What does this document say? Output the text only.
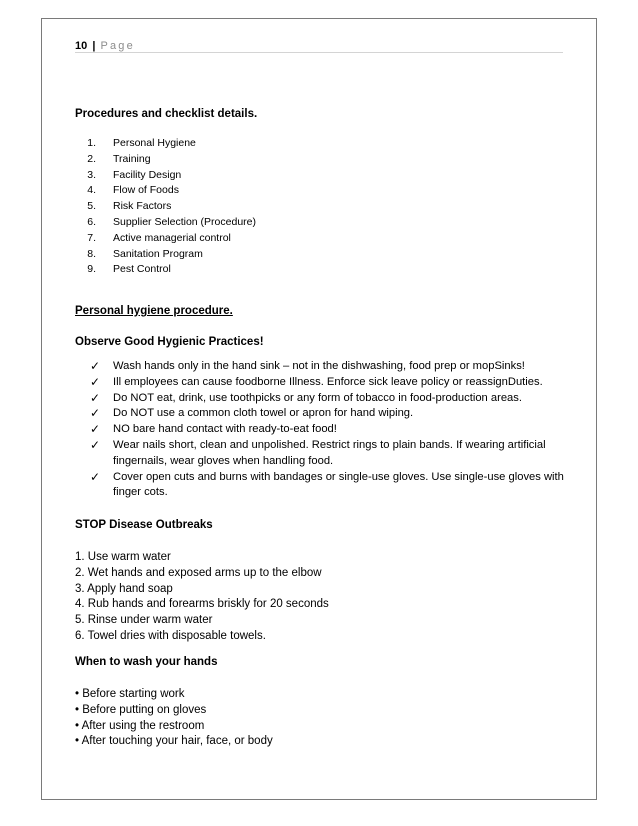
10 | Page
Procedures and checklist details.
1. Personal Hygiene
2. Training
3. Facility Design
4. Flow of Foods
5. Risk Factors
6. Supplier Selection (Procedure)
7. Active managerial control
8. Sanitation Program
9. Pest Control
Personal hygiene procedure.
Observe Good Hygienic Practices!
✓ Wash hands only in the hand sink – not in the dishwashing, food prep or mopSinks!
✓ Ill employees can cause foodborne Illness. Enforce sick leave policy or reassignDuties.
✓ Do NOT eat, drink, use toothpicks or any form of tobacco in food-production areas.
✓ Do NOT use a common cloth towel or apron for hand wiping.
✓ NO bare hand contact with ready-to-eat food!
✓ Wear nails short, clean and unpolished. Restrict rings to plain bands. If wearing artificial fingernails, wear gloves when handling food.
✓ Cover open cuts and burns with bandages or single-use gloves. Use single-use gloves with finger cots.
STOP Disease Outbreaks
1. Use warm water
2. Wet hands and exposed arms up to the elbow
3. Apply hand soap
4. Rub hands and forearms briskly for 20 seconds
5. Rinse under warm water
6. Towel dries with disposable towels.
When to wash your hands
• Before starting work
• Before putting on gloves
• After using the restroom
• After touching your hair, face, or body
